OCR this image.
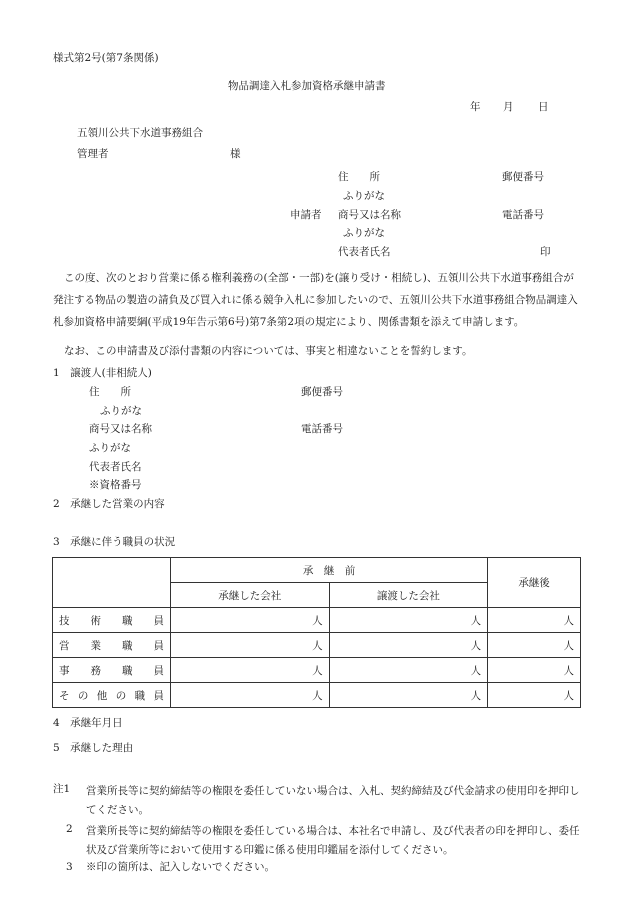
様式第2号(第7条関係)
物品調達入札参加資格承継申請書
年 月 日
五領川公共下水道事務組合
管理者	様
住　　所	郵便番号
ふりがな
申請者 商号又は名称	電話番号
ふりがな
代表者氏名	印
この度、次のとおり営業に係る権利義務の(全部・一部)を(譲り受け・相続し)、五領川公共下水道事務組合が発注する物品の製造の請負及び買入れに係る競争入札に参加したいので、五領川公共下水道事務組合物品調達入札参加資格申請要綱(平成19年告示第6号)第7条第2項の規定により、関係書類を添えて申請します。
なお、この申請書及び添付書類の内容については、事実と相違ないことを誓約します。
1　譲渡人(非相続人)
住　　所	郵便番号
ふりがな
商号又は名称	電話番号
ふりがな
代表者氏名
※資格番号
2　承継した営業の内容
3　承継に伴う職員の状況
	承　継　前		承継後
	承継した会社	譲渡した会社	
技術職員	人	人	人
営業職員	人	人	人
事務職員	人	人	人
その他の職員	人	人	人
4　承継年月日
5　承継した理由
注1 営業所長等に契約締結等の権限を委任していない場合は、入札、契約締結及び代金請求の使用印を押印してください。
2 営業所長等に契約締結等の権限を委任している場合は、本社名で申請し、及び代表者の印を押印し、委任状及び営業所等において使用する印鑑に係る使用印鑑届を添付してください。
3 ※印の箇所は、記入しないでください。
